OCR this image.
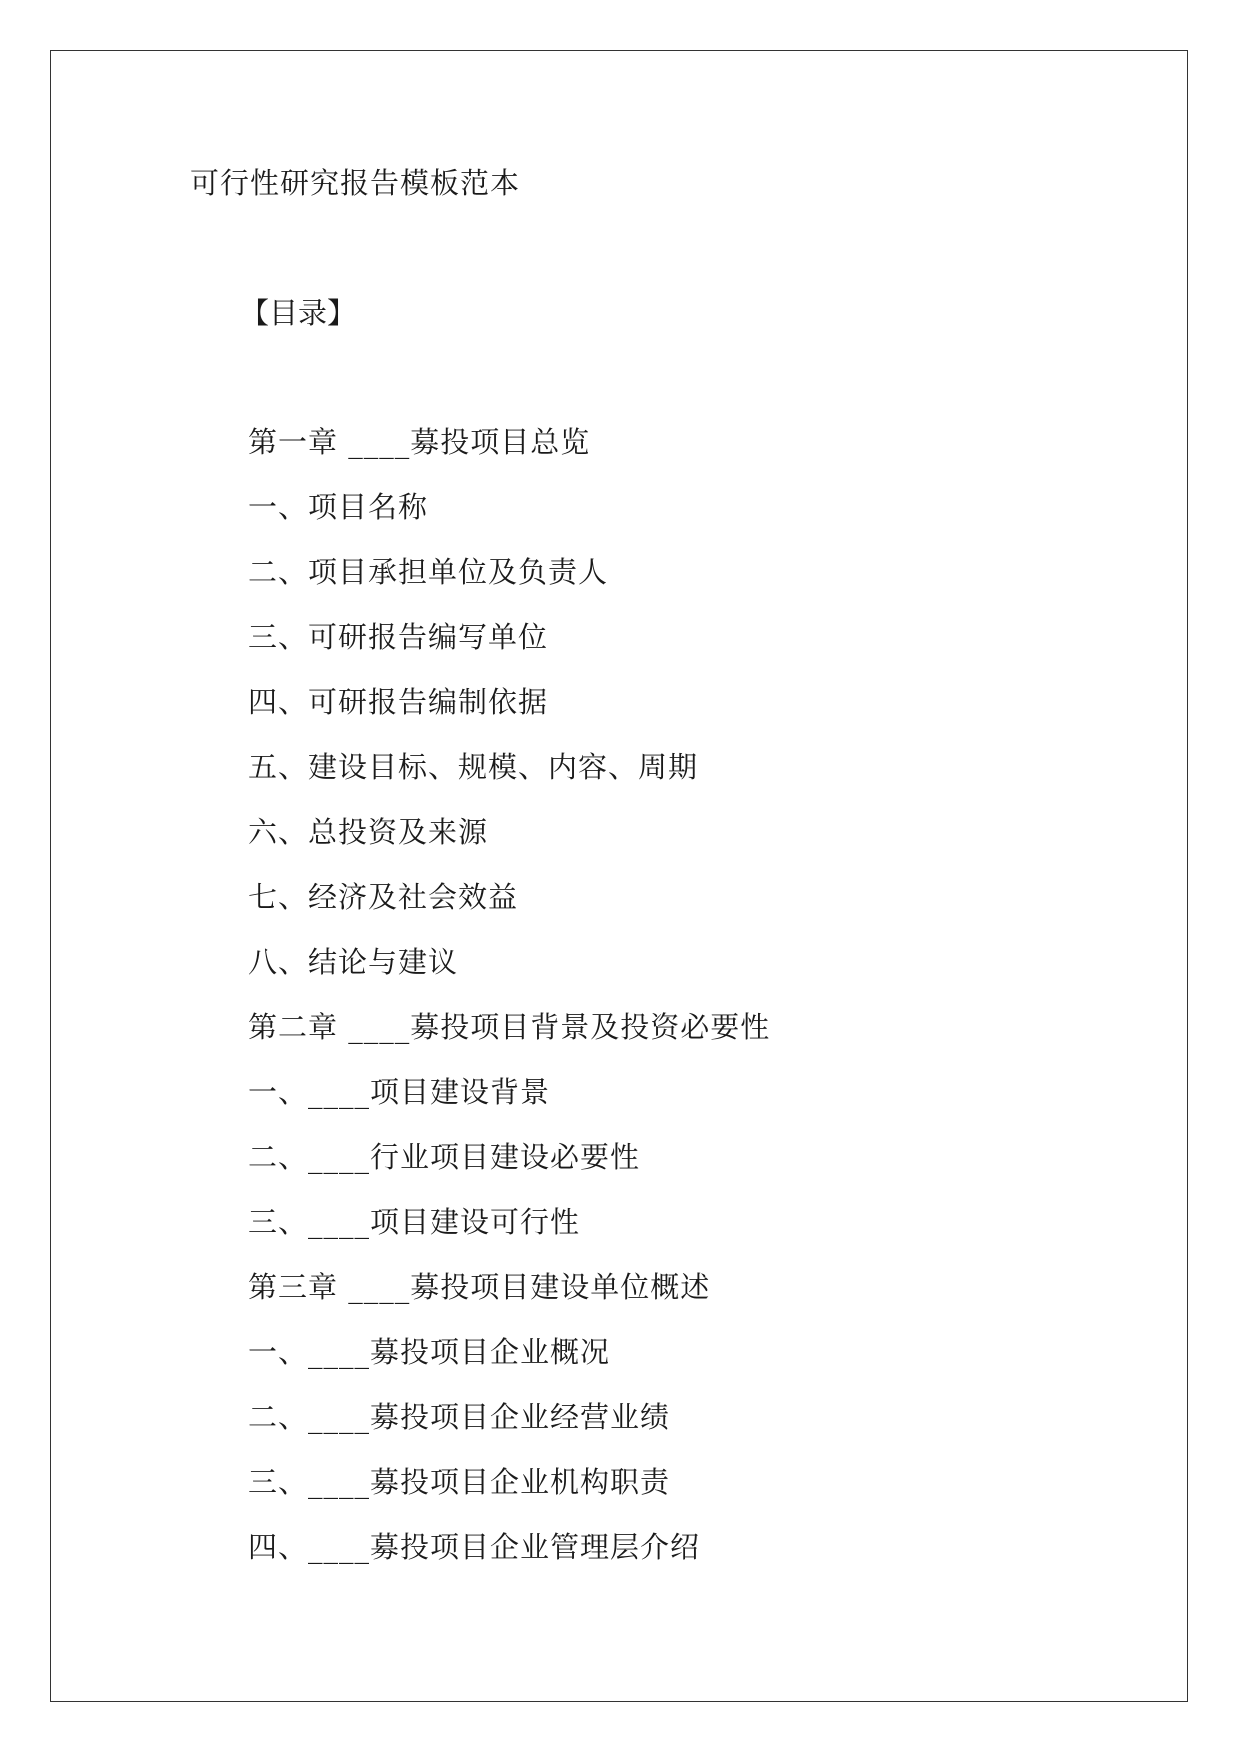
可行性研究报告模板范本
【目录】
第一章 ____募投项目总览
一、项目名称
二、项目承担单位及负责人
三、可研报告编写单位
四、可研报告编制依据
五、建设目标、规模、内容、周期
六、总投资及来源
七、经济及社会效益
八、结论与建议
第二章 ____募投项目背景及投资必要性
一、____项目建设背景
二、____行业项目建设必要性
三、____项目建设可行性
第三章 ____募投项目建设单位概述
一、____募投项目企业概况
二、____募投项目企业经营业绩
三、____募投项目企业机构职责
四、____募投项目企业管理层介绍
